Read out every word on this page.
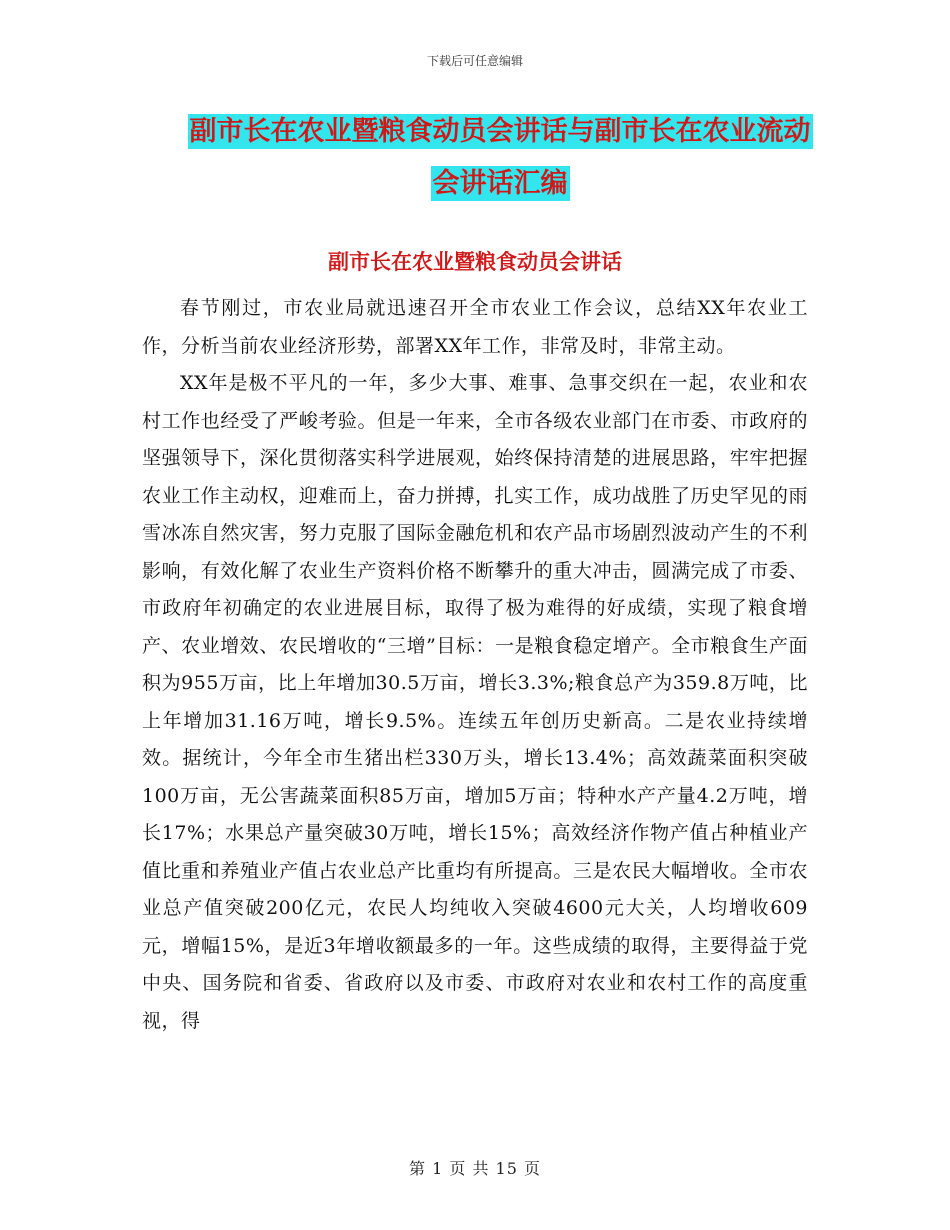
下载后可任意编辑
副市长在农业暨粮食动员会讲话与副市长在农业流动
会讲话汇编
副市长在农业暨粮食动员会讲话

春节刚过，市农业局就迅速召开全市农业工作会议，总结XX年农业工作，分析当前农业经济形势，部署XX年工作，非常及时，非常主动。

XX年是极不平凡的一年，多少大事、难事、急事交织在一起，农业和农村工作也经受了严峻考验。但是一年来，全市各级农业部门在市委、市政府的坚强领导下，深化贯彻落实科学进展观，始终保持清楚的进展思路，牢牢把握农业工作主动权，迎难而上，奋力拼搏，扎实工作，成功战胜了历史罕见的雨雪冰冻自然灾害，努力克服了国际金融危机和农产品市场剧烈波动产生的不利影响，有效化解了农业生产资料价格不断攀升的重大冲击，圆满完成了市委、市政府年初确定的农业进展目标，取得了极为难得的好成绩，实现了粮食增产、农业增效、农民增收的“三增”目标：一是粮食稳定增产。全市粮食生产面积为955万亩，比上年增加30.5万亩，增长3.3%;粮食总产为359.8万吨，比上年增加31.16万吨，增长9.5%。连续五年创历史新高。二是农业持续增效。据统计，今年全市生猪出栏330万头，增长13.4%；高效蔬菜面积突破100万亩，无公害蔬菜面积85万亩，增加5万亩；特种水产产量4.2万吨，增长17%；水果总产量突破30万吨，增长15%；高效经济作物产值占种植业产值比重和养殖业产值占农业总产比重均有所提高。三是农民大幅增收。全市农业总产值突破200亿元，农民人均纯收入突破4600元大关，人均增收609元，增幅15%，是近3年增收额最多的一年。这些成绩的取得，主要得益于党中央、国务院和省委、省政府以及市委、市政府对农业和农村工作的高度重视，得

第 1 页 共 15 页
